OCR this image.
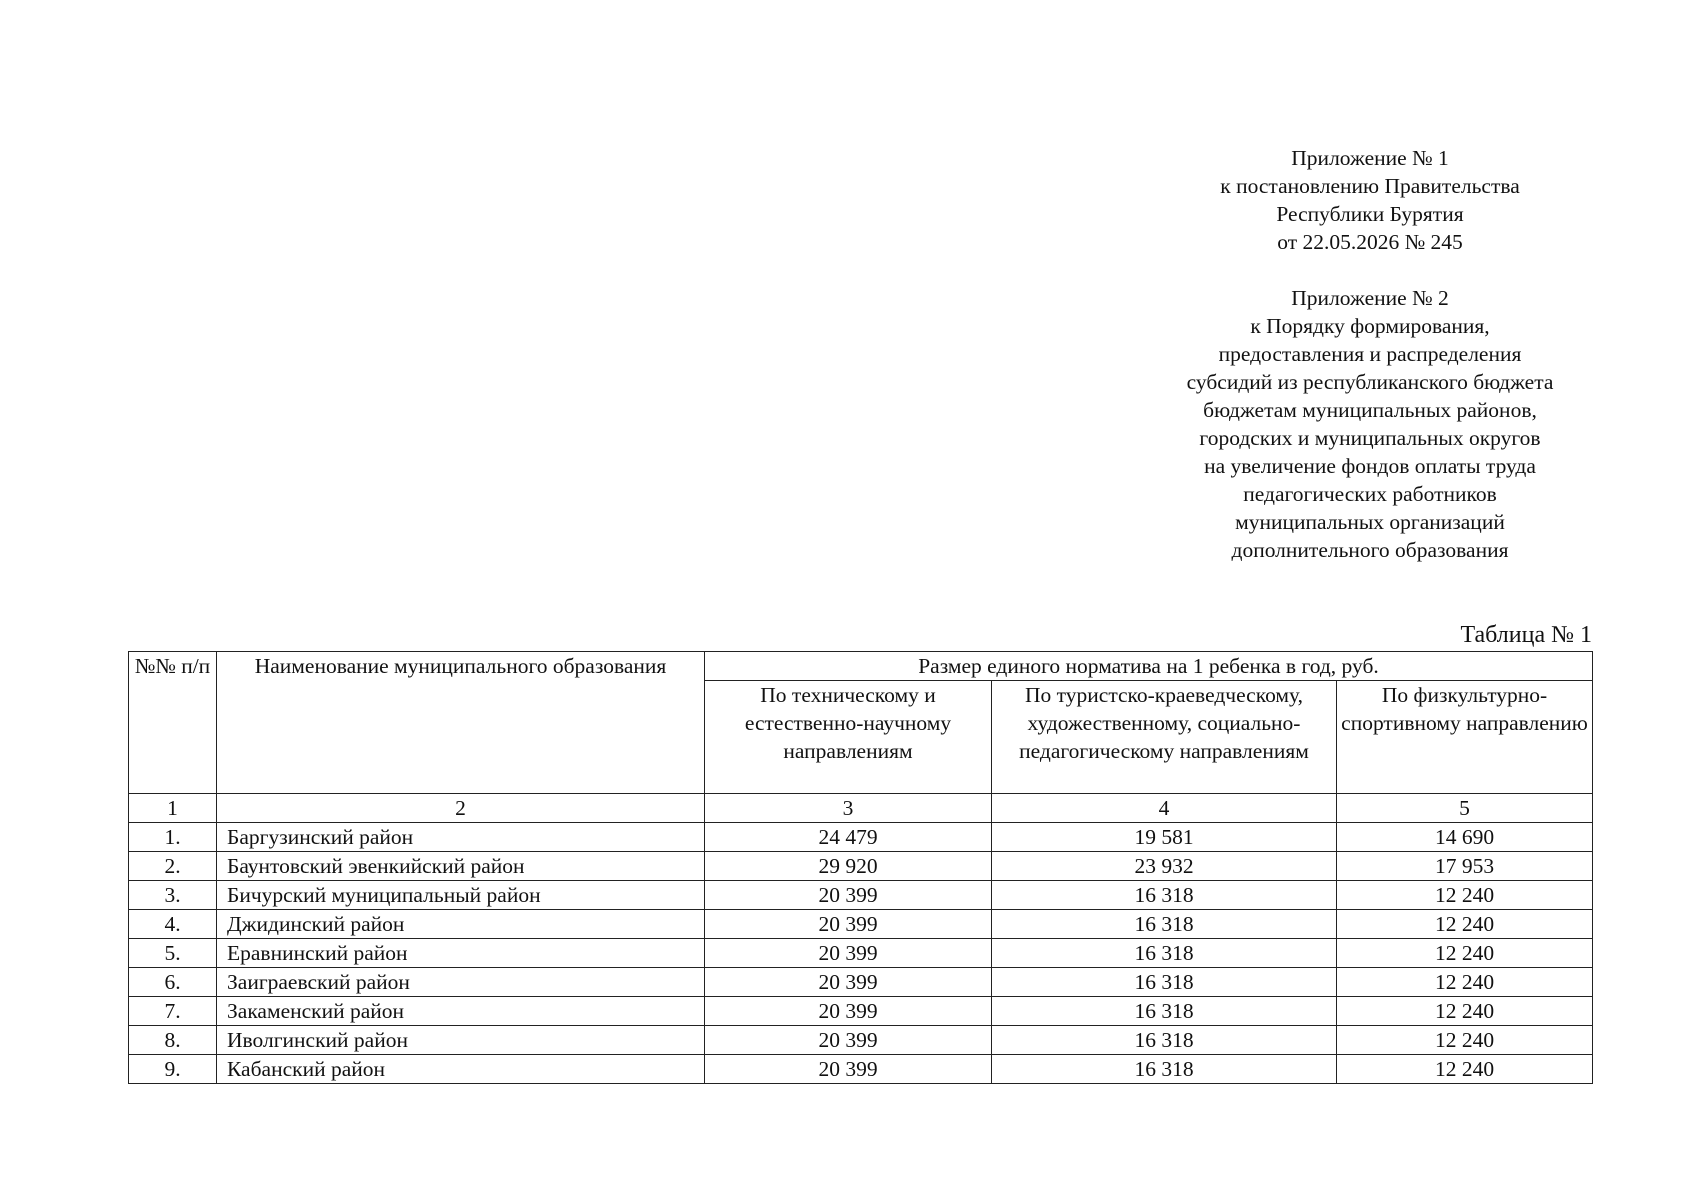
Приложение № 1
к постановлению Правительства
Республики Бурятия
от 22.05.2026 № 245
Приложение № 2
к Порядку формирования,
предоставления и распределения
субсидий из республиканского бюджета
бюджетам муниципальных районов,
городских и муниципальных округов
на увеличение фондов оплаты труда
педагогических работников
муниципальных организаций
дополнительного образования
Таблица № 1
№№ п/п	Наименование муниципального образования	Размер единого норматива на 1 ребенка в год, руб.		
		По техническому и естественно-научному направлениям	По туристско-краеведческому, художественному, социально-педагогическому направлениям	По физкультурно-спортивному направлению
1	2	3	4	5
1.	Баргузинский район	24 479	19 581	14 690
2.	Баунтовский эвенкийский район	29 920	23 932	17 953
3.	Бичурский муниципальный район	20 399	16 318	12 240
4.	Джидинский район	20 399	16 318	12 240
5.	Еравнинский район	20 399	16 318	12 240
6.	Заиграевский район	20 399	16 318	12 240
7.	Закаменский район	20 399	16 318	12 240
8.	Иволгинский район	20 399	16 318	12 240
9.	Кабанский район	20 399	16 318	12 240
